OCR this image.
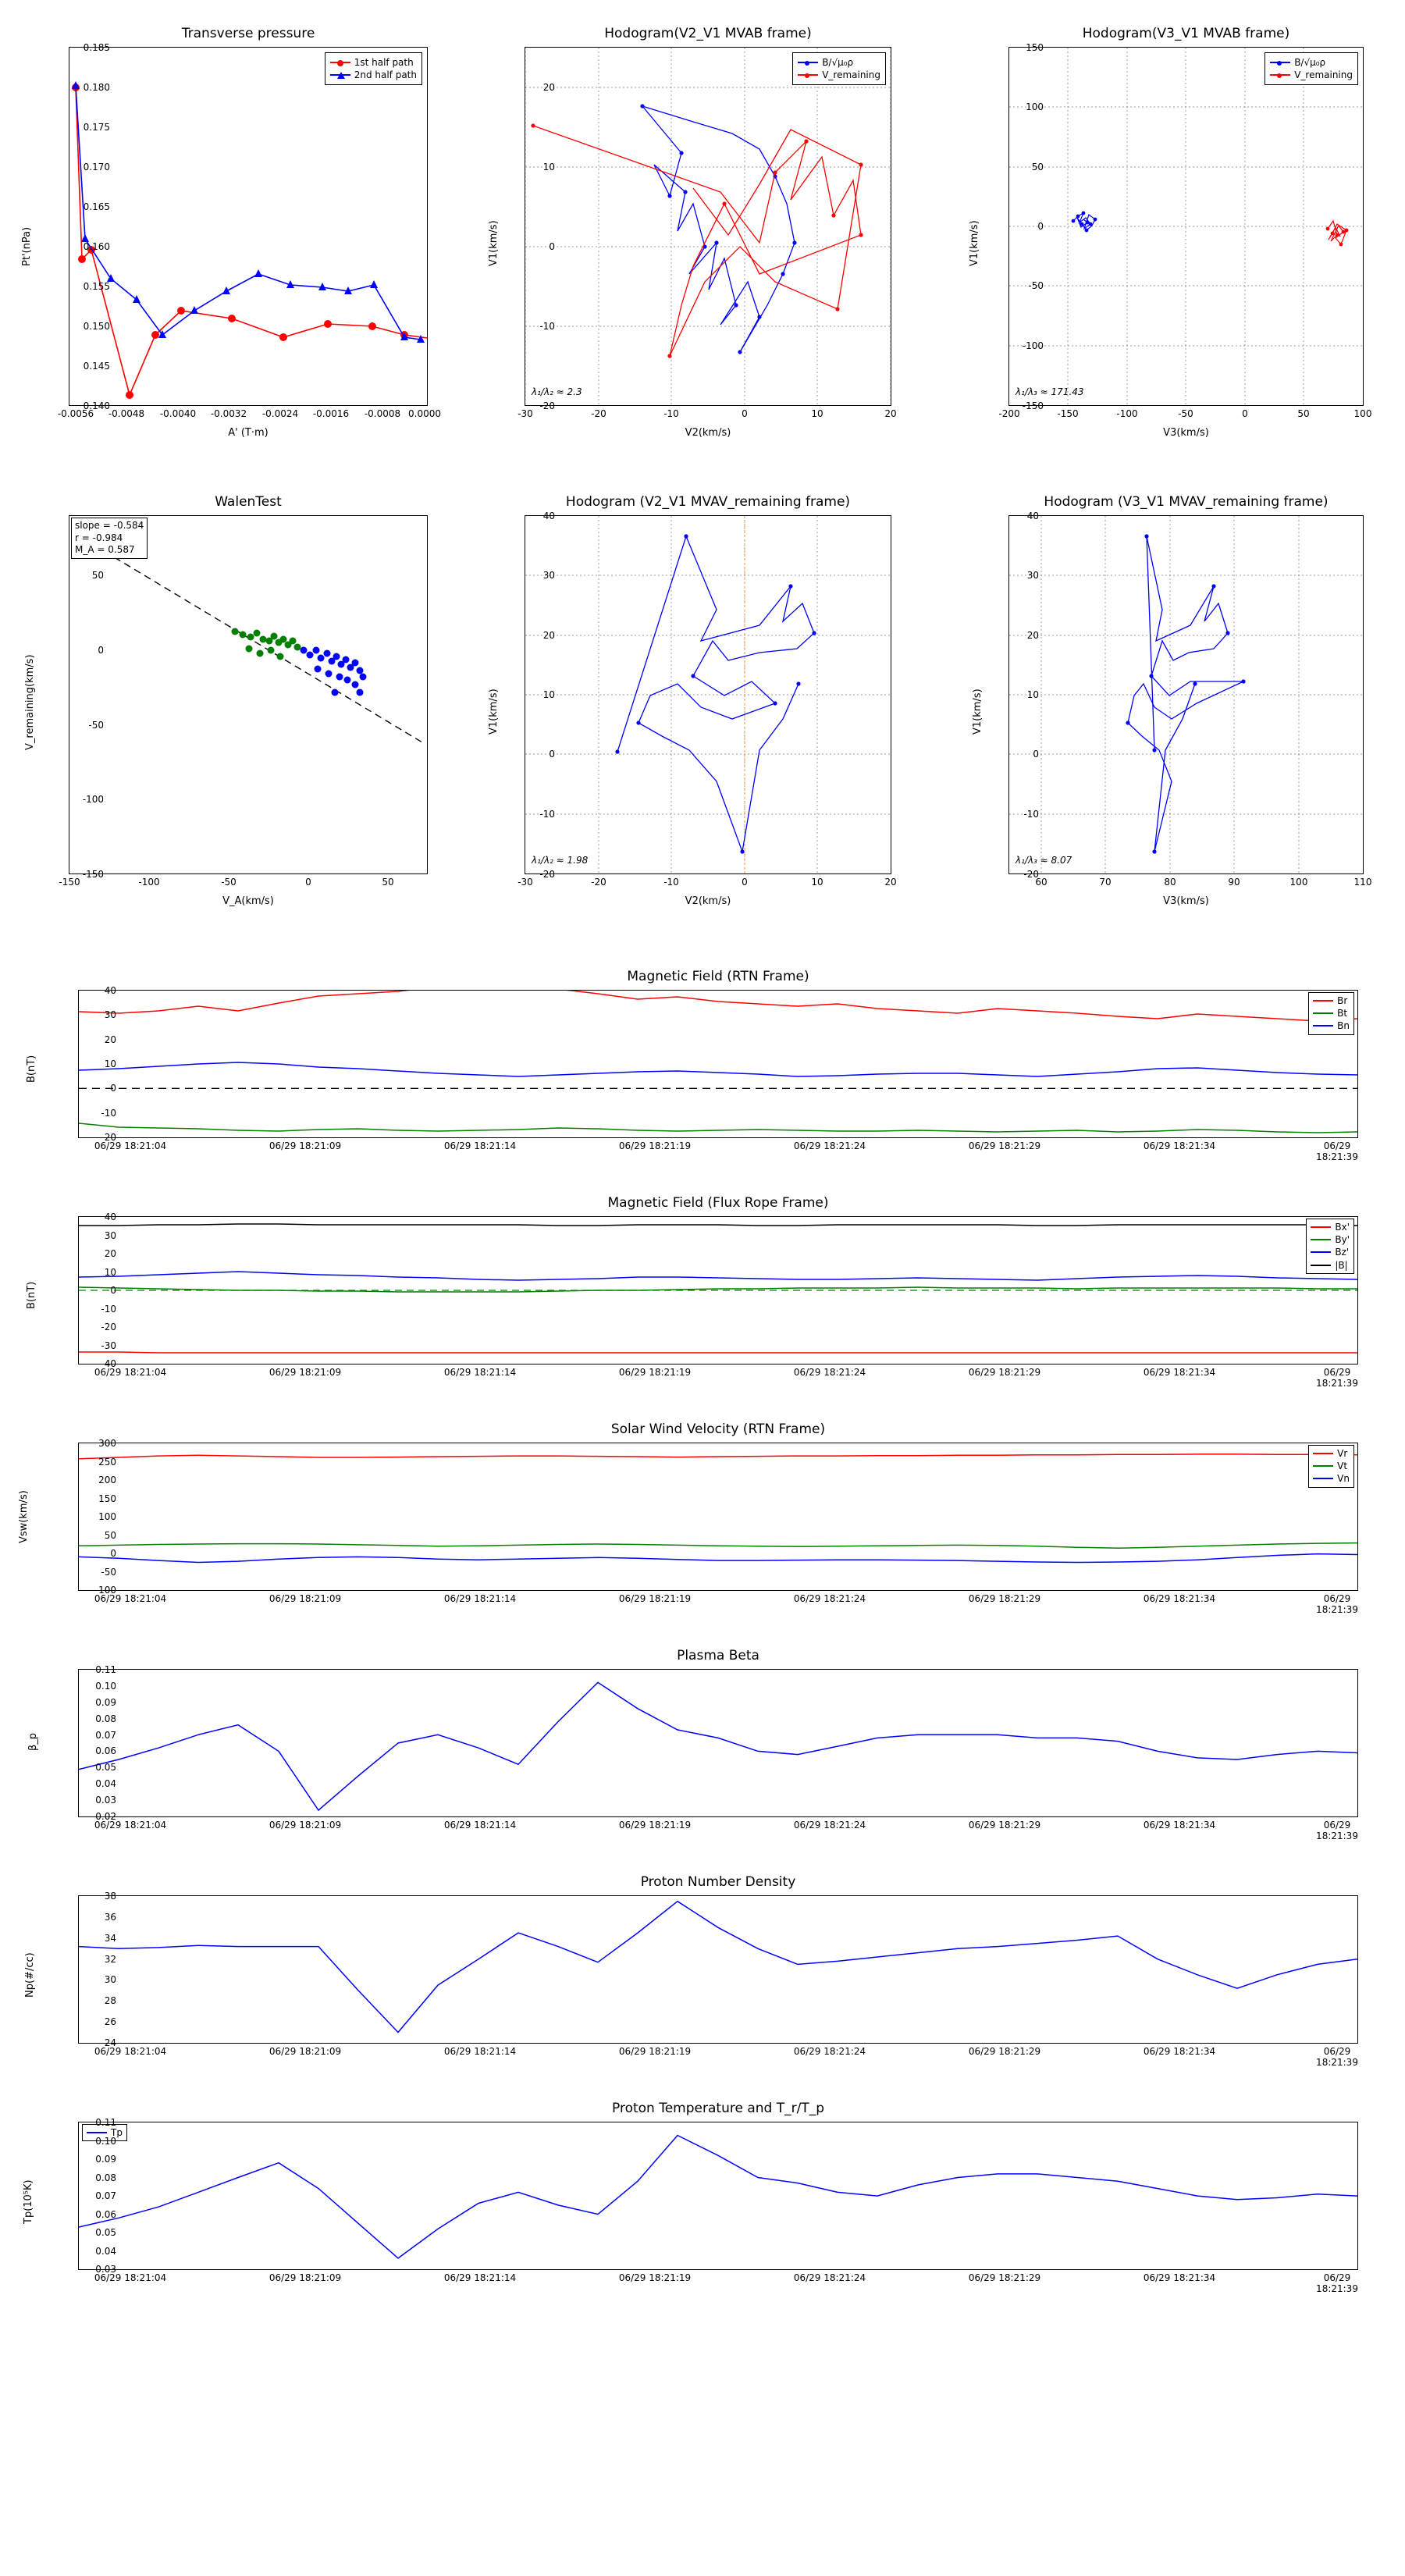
Transverse pressure
1st half path
2nd half path
-0.0056 -0.0048 -0.0040 -0.0032 -0.0024 -0.0016 -0.0008 0.0000
0.140
0.145
0.150
0.155
0.160
0.165
0.170
0.175
0.180
0.185
A' (T·m)
Pt'(nPa)
Hodogram(V2_V1 MVAB frame)
B/√μ₀ρ
V_remaining
λ₁/λ₂ ≈ 2.3
-30	-20	-10	0	10	20
-20
-10
0
10
20
V2(km/s)
V1(km/s)
Hodogram(V3_V1 MVAB frame)
B/√μ₀ρ
V_remaining
λ₁/λ₃ ≈ 171.43
-200	-150	-100	-50	0	50	100
-150
-100
-50
0
50
100
150
V3(km/s)
V1(km/s)
WalenTest
slope = -0.584
r = -0.984
M_A = 0.587
-150	-100	-50	0	50
-150
-100
-50
0
50
V_A(km/s)
V_remaining(km/s)
Hodogram (V2_V1 MVAV_remaining frame)
λ₁/λ₂ ≈ 1.98
-30	-20	-10	0	10	20
-20
-10
0
10
20
30
40
V2(km/s)
V1(km/s)
Hodogram (V3_V1 MVAV_remaining frame)
λ₁/λ₃ ≈ 8.07
60	70	80	90	100	110
-20
-10
0
10
20
30
40
V3(km/s)
V1(km/s)
Magnetic Field (RTN Frame)
Br
Bt
Bn
-20
-10
0
10
20
30
40
06/29 18:21:04	06/29 18:21:09	06/29 18:21:14	06/29 18:21:19	06/29 18:21:24	06/29 18:21:29	06/29 18:21:34	06/29 18:21:39
B(nT)
Magnetic Field (Flux Rope Frame)
Bx'
By'
Bz'
|B|
-40
-30
-20
-10
0
10
20
30
40
06/29 18:21:04	06/29 18:21:09	06/29 18:21:14	06/29 18:21:19	06/29 18:21:24	06/29 18:21:29	06/29 18:21:34	06/29 18:21:39
B(nT)
Solar Wind Velocity (RTN Frame)
Vr
Vt
Vn
-100
-50
0
50
100
150
200
250
300
06/29 18:21:04	06/29 18:21:09	06/29 18:21:14	06/29 18:21:19	06/29 18:21:24	06/29 18:21:29	06/29 18:21:34	06/29 18:21:39
Vsw(km/s)
Plasma Beta
0.02
0.03
0.04
0.05
0.06
0.07
0.08
0.09
0.10
0.11
06/29 18:21:04	06/29 18:21:09	06/29 18:21:14	06/29 18:21:19	06/29 18:21:24	06/29 18:21:29	06/29 18:21:34	06/29 18:21:39
β_p
Proton Number Density
24
26
28
30
32
34
36
38
06/29 18:21:04	06/29 18:21:09	06/29 18:21:14	06/29 18:21:19	06/29 18:21:24	06/29 18:21:29	06/29 18:21:34	06/29 18:21:39
Np(#/cc)
Proton Temperature and T_r/T_p
Tp
0.03
0.04
0.05
0.06
0.07
0.08
0.09
0.10
0.11
06/29 18:21:04	06/29 18:21:09	06/29 18:21:14	06/29 18:21:19	06/29 18:21:24	06/29 18:21:29	06/29 18:21:34	06/29 18:21:39
Tp(10⁵K)
